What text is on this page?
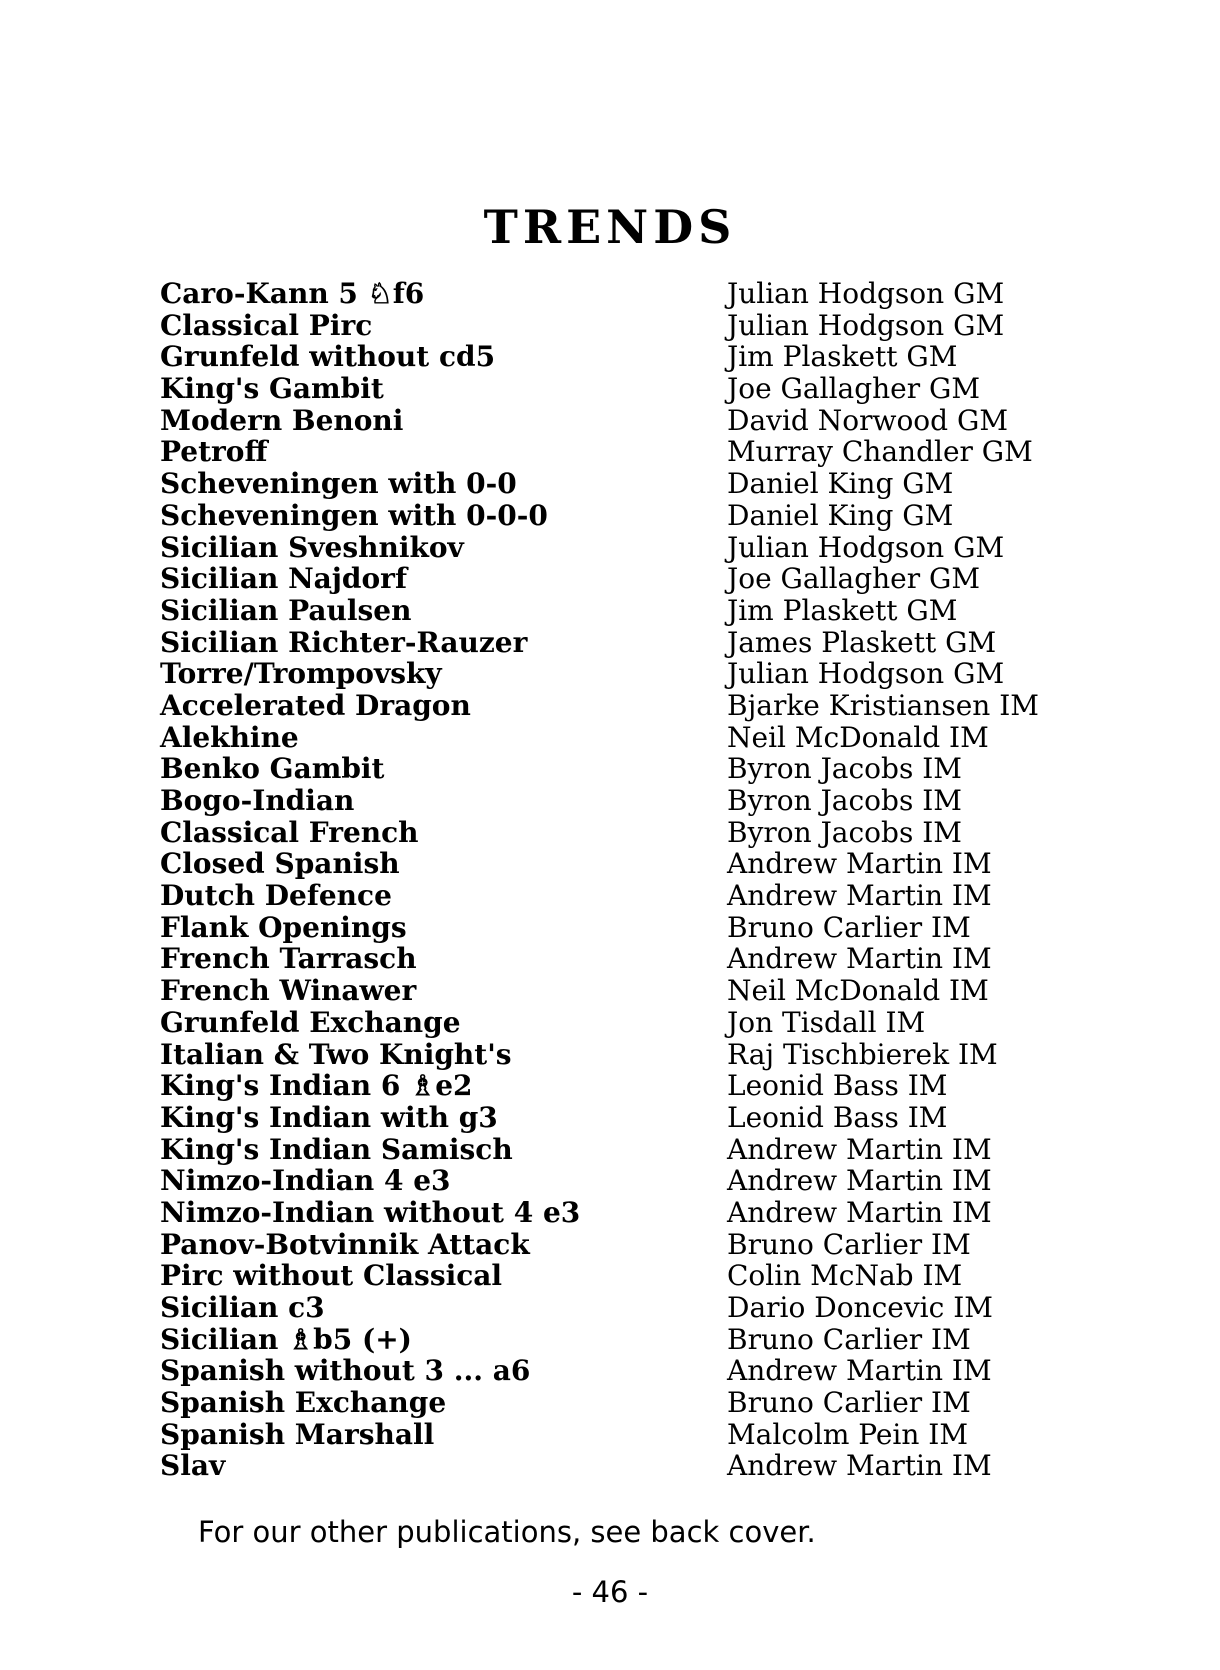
TRENDS
Caro-Kann 5 ♘f6
Classical Pirc
Grunfeld without cd5
King's Gambit
Modern Benoni
Petroff
Scheveningen with 0-0
Scheveningen with 0-0-0
Sicilian Sveshnikov
Sicilian Najdorf
Sicilian Paulsen
Sicilian Richter-Rauzer
Torre/Trompovsky
Accelerated Dragon
Alekhine
Benko Gambit
Bogo-Indian
Classical French
Closed Spanish
Dutch Defence
Flank Openings
French Tarrasch
French Winawer
Grunfeld Exchange
Italian & Two Knight's
King's Indian 6 ♗e2
King's Indian with g3
King's Indian Samisch
Nimzo-Indian 4 e3
Nimzo-Indian without 4 e3
Panov-Botvinnik Attack
Pirc without Classical
Sicilian c3
Sicilian ♗b5 (+)
Spanish without 3 ... a6
Spanish Exchange
Spanish Marshall
Slav
Julian Hodgson GM
Julian Hodgson GM
Jim Plaskett GM
Joe Gallagher GM
David Norwood GM
Murray Chandler GM
Daniel King GM
Daniel King GM
Julian Hodgson GM
Joe Gallagher GM
Jim Plaskett GM
James Plaskett GM
Julian Hodgson GM
Bjarke Kristiansen IM
Neil McDonald IM
Byron Jacobs IM
Byron Jacobs IM
Byron Jacobs IM
Andrew Martin IM
Andrew Martin IM
Bruno Carlier IM
Andrew Martin IM
Neil McDonald IM
Jon Tisdall IM
Raj Tischbierek IM
Leonid Bass IM
Leonid Bass IM
Andrew Martin IM
Andrew Martin IM
Andrew Martin IM
Bruno Carlier IM
Colin McNab IM
Dario Doncevic IM
Bruno Carlier IM
Andrew Martin IM
Bruno Carlier IM
Malcolm Pein IM
Andrew Martin IM
For our other publications, see back cover.
- 46 -
